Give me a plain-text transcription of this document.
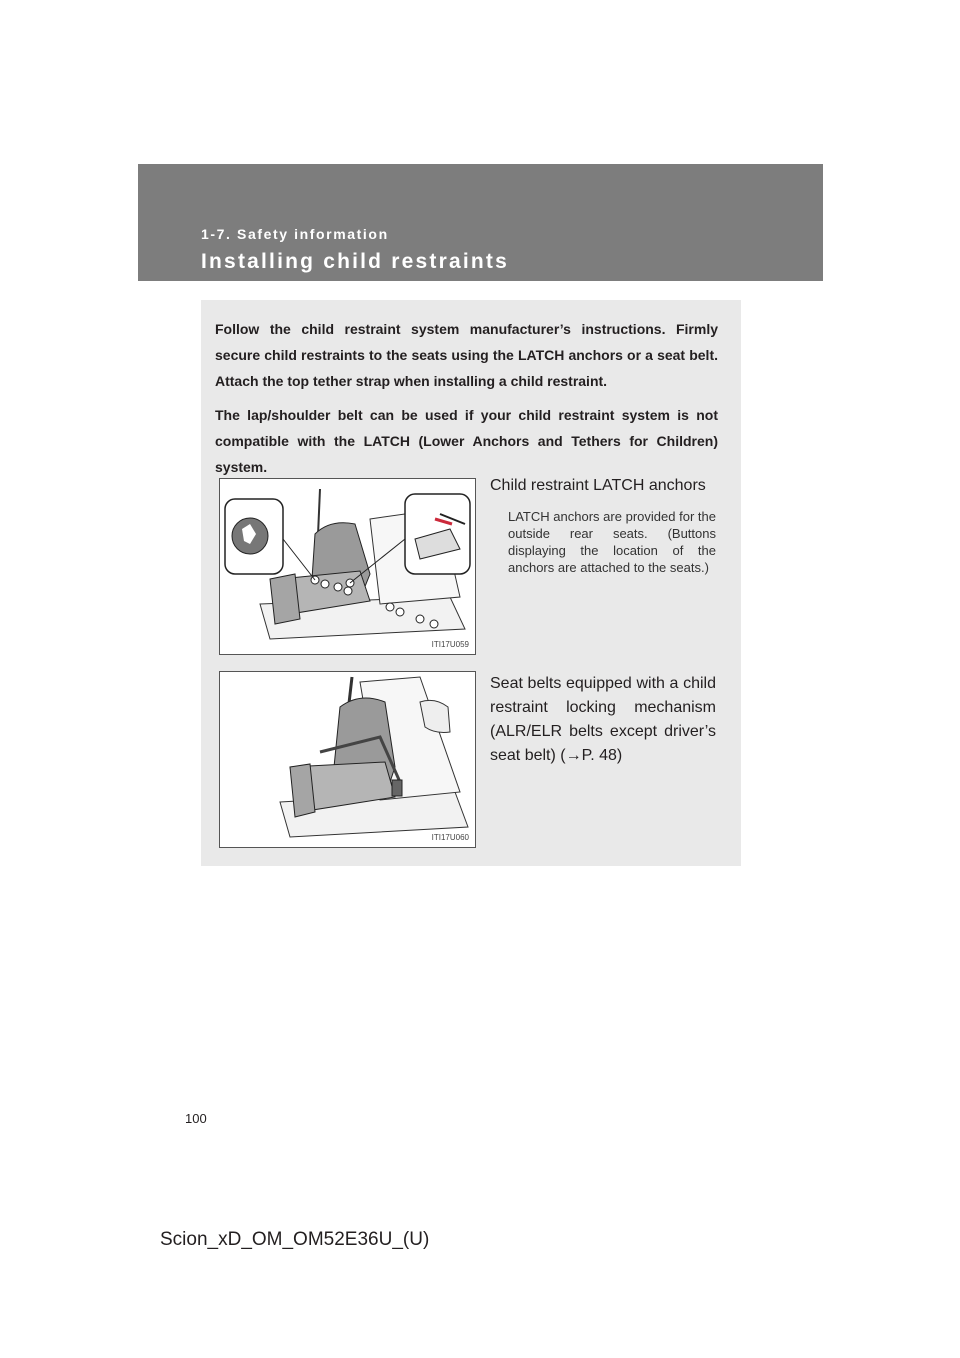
1-7. Safety information
Installing child restraints

Follow the child restraint system manufacturer’s instructions. Firmly secure child restraints to the seats using the LATCH anchors or a seat belt. Attach the top tether strap when installing a child restraint.

The lap/shoulder belt can be used if your child restraint system is not compatible with the LATCH (Lower Anchors and Tethers for Children) system.

ITI17U059
Child restraint LATCH anchors
LATCH anchors are provided for the outside rear seats. (Buttons displaying the location of the anchors are attached to the seats.)
ITI17U060
Seat belts equipped with a child restraint locking mechanism (ALR/ELR belts except driver’s seat belt) (→P. 48)
100
Scion_xD_OM_OM52E36U_(U)
